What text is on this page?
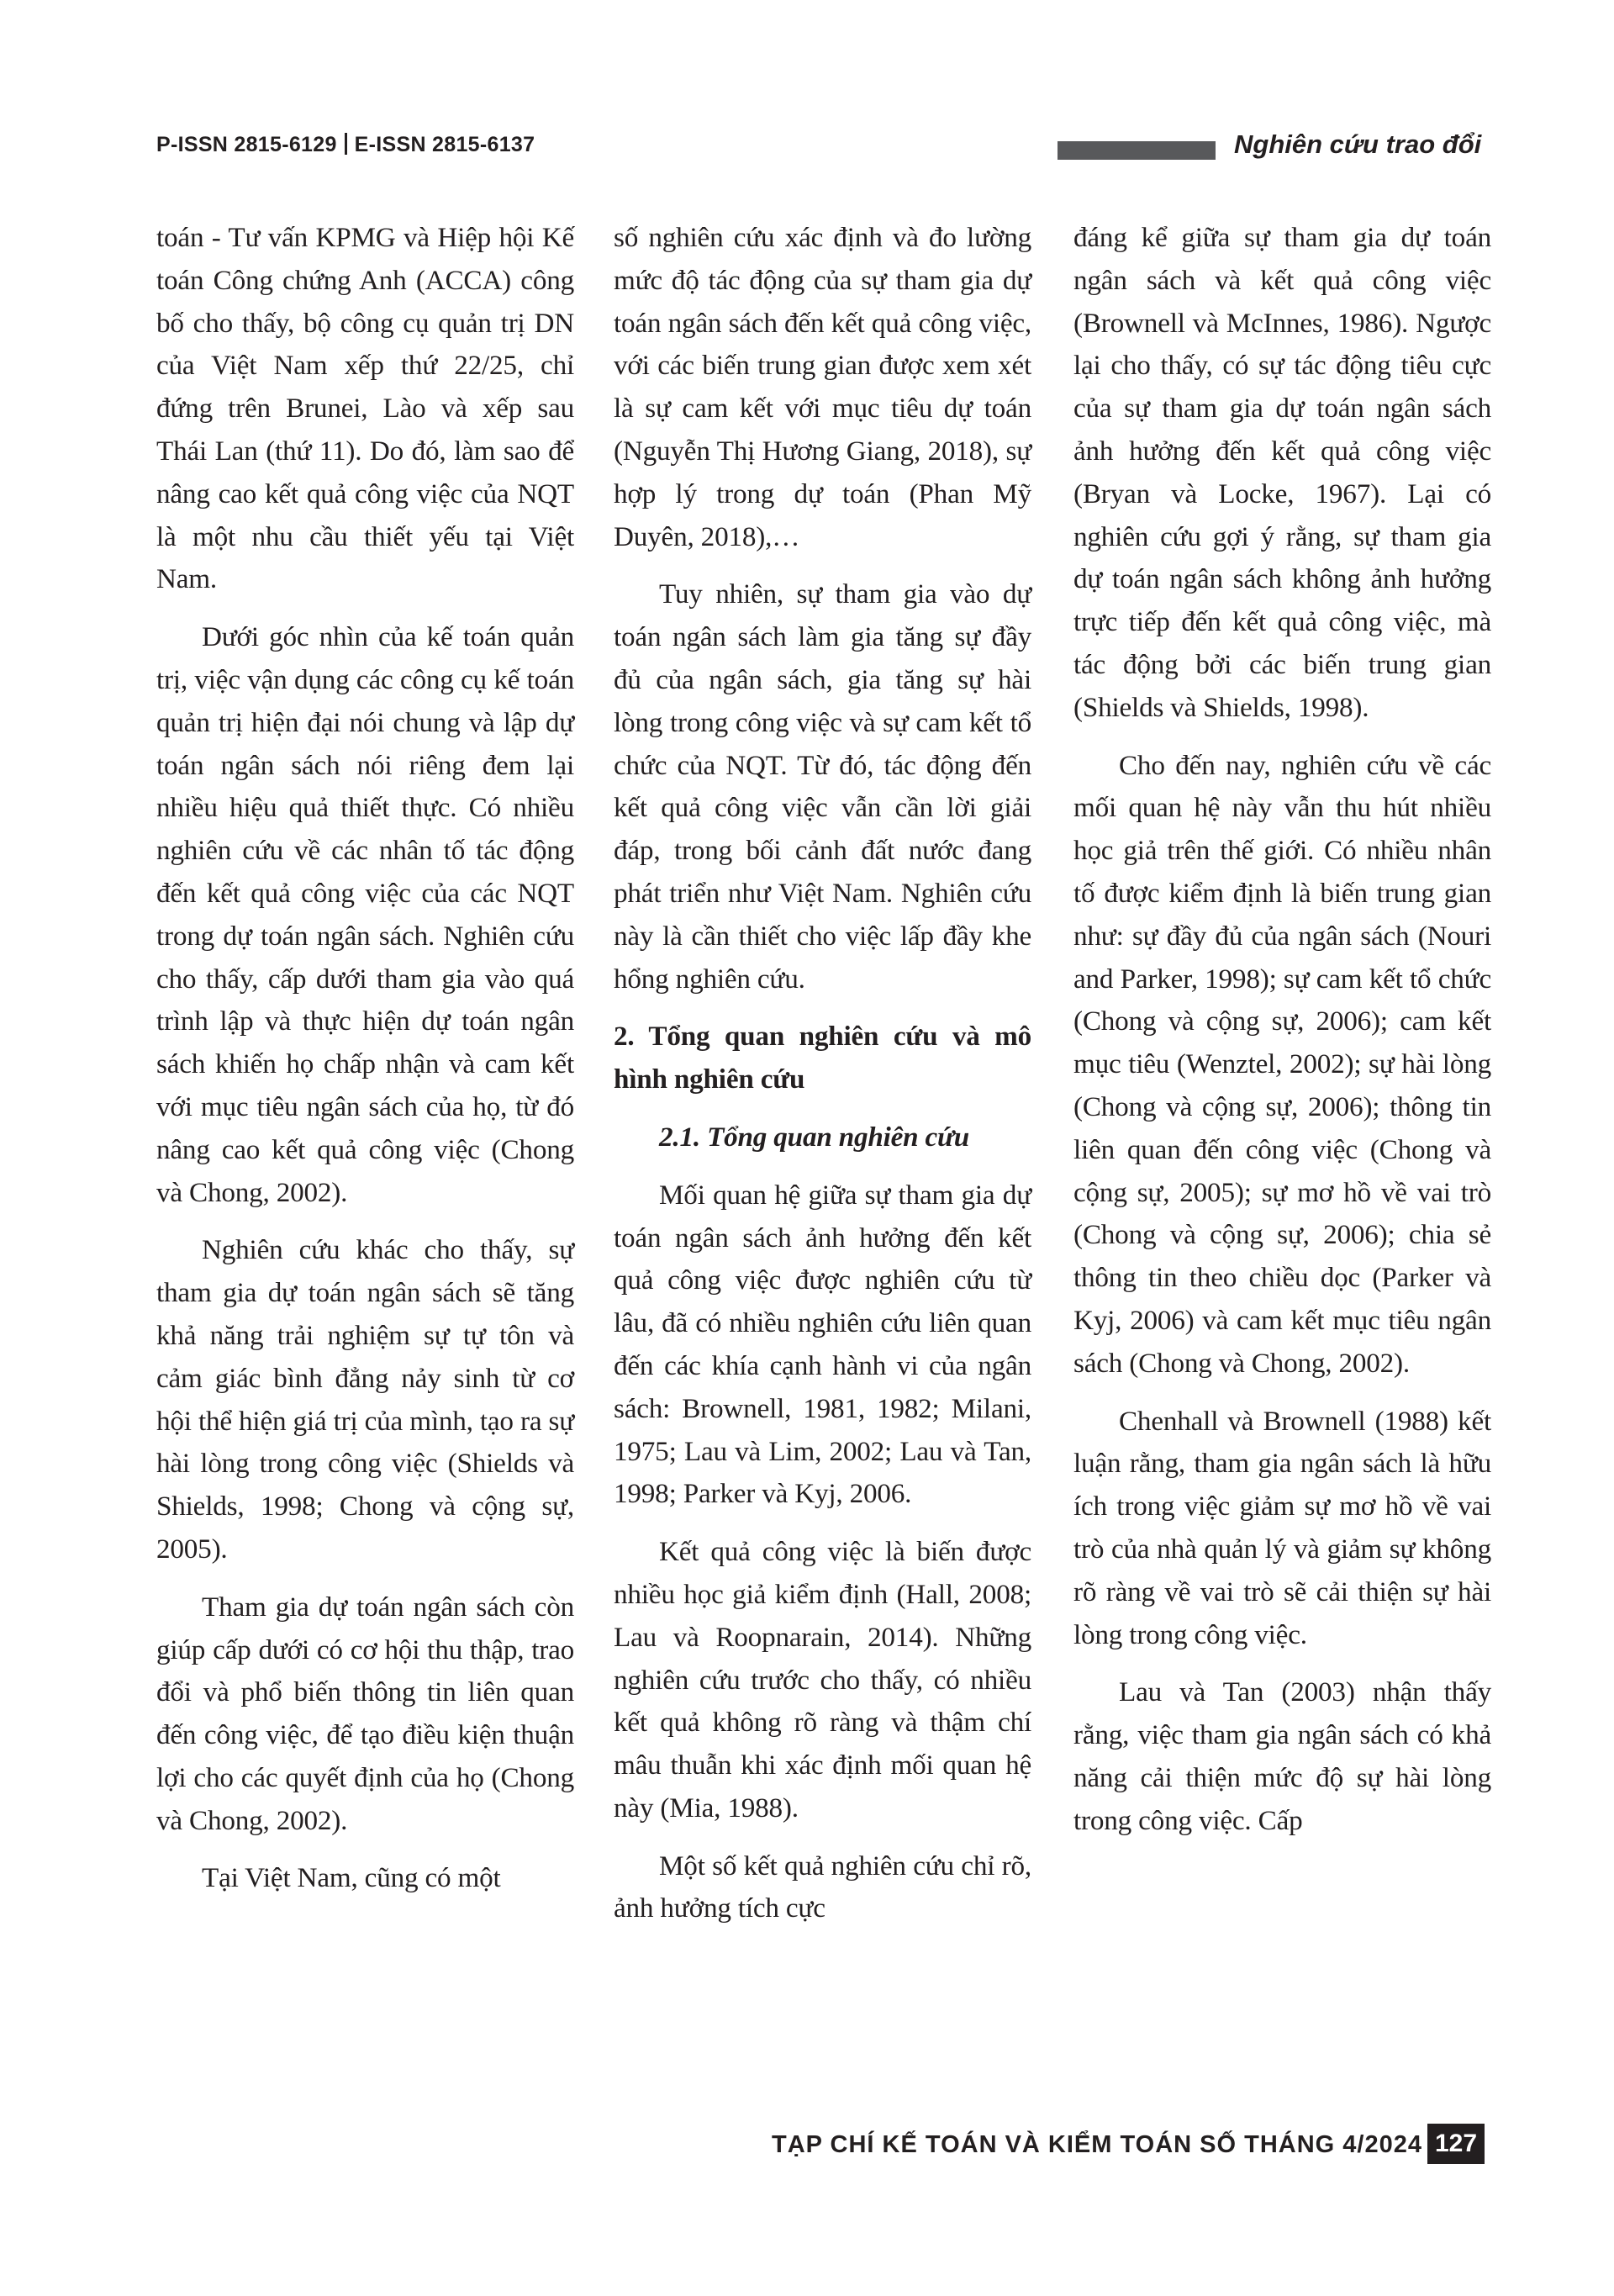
P-ISSN 2815-6129 E-ISSN 2815-6137	Nghiên cứu trao đổi

toán - Tư vấn KPMG và Hiệp hội Kế toán Công chứng Anh (ACCA) công bố cho thấy, bộ công cụ quản trị DN của Việt Nam xếp thứ 22/25, chỉ đứng trên Brunei, Lào và xếp sau Thái Lan (thứ 11). Do đó, làm sao để nâng cao kết quả công việc của NQT là một nhu cầu thiết yếu tại Việt Nam.

Dưới góc nhìn của kế toán quản trị, việc vận dụng các công cụ kế toán quản trị hiện đại nói chung và lập dự toán ngân sách nói riêng đem lại nhiều hiệu quả thiết thực. Có nhiều nghiên cứu về các nhân tố tác động đến kết quả công việc của các NQT trong dự toán ngân sách. Nghiên cứu cho thấy, cấp dưới tham gia vào quá trình lập và thực hiện dự toán ngân sách khiến họ chấp nhận và cam kết với mục tiêu ngân sách của họ, từ đó nâng cao kết quả công việc (Chong và Chong, 2002).

Nghiên cứu khác cho thấy, sự tham gia dự toán ngân sách sẽ tăng khả năng trải nghiệm sự tự tôn và cảm giác bình đẳng nảy sinh từ cơ hội thể hiện giá trị của mình, tạo ra sự hài lòng trong công việc (Shields và Shields, 1998; Chong và cộng sự, 2005).

Tham gia dự toán ngân sách còn giúp cấp dưới có cơ hội thu thập, trao đổi và phổ biến thông tin liên quan đến công việc, để tạo điều kiện thuận lợi cho các quyết định của họ (Chong và Chong, 2002).

Tại Việt Nam, cũng có một

số nghiên cứu xác định và đo lường mức độ tác động của sự tham gia dự toán ngân sách đến kết quả công việc, với các biến trung gian được xem xét là sự cam kết với mục tiêu dự toán (Nguyễn Thị Hương Giang, 2018), sự hợp lý trong dự toán (Phan Mỹ Duyên, 2018),…

Tuy nhiên, sự tham gia vào dự toán ngân sách làm gia tăng sự đầy đủ của ngân sách, gia tăng sự hài lòng trong công việc và sự cam kết tổ chức của NQT. Từ đó, tác động đến kết quả công việc vẫn cần lời giải đáp, trong bối cảnh đất nước đang phát triển như Việt Nam. Nghiên cứu này là cần thiết cho việc lấp đầy khe hổng nghiên cứu.

2. Tổng quan nghiên cứu và mô hình nghiên cứu

2.1. Tổng quan nghiên cứu

Mối quan hệ giữa sự tham gia dự toán ngân sách ảnh hưởng đến kết quả công việc được nghiên cứu từ lâu, đã có nhiều nghiên cứu liên quan đến các khía cạnh hành vi của ngân sách: Brownell, 1981, 1982; Milani, 1975; Lau và Lim, 2002; Lau và Tan, 1998; Parker và Kyj, 2006.

Kết quả công việc là biến được nhiều học giả kiểm định (Hall, 2008; Lau và Roopnarain, 2014). Những nghiên cứu trước cho thấy, có nhiều kết quả không rõ ràng và thậm chí mâu thuẫn khi xác định mối quan hệ này (Mia, 1988).

Một số kết quả nghiên cứu chỉ rõ, ảnh hưởng tích cực

đáng kể giữa sự tham gia dự toán ngân sách và kết quả công việc (Brownell và McInnes, 1986). Ngược lại cho thấy, có sự tác động tiêu cực của sự tham gia dự toán ngân sách ảnh hưởng đến kết quả công việc (Bryan và Locke, 1967). Lại có nghiên cứu gợi ý rằng, sự tham gia dự toán ngân sách không ảnh hưởng trực tiếp đến kết quả công việc, mà tác động bởi các biến trung gian (Shields và Shields, 1998).

Cho đến nay, nghiên cứu về các mối quan hệ này vẫn thu hút nhiều học giả trên thế giới. Có nhiều nhân tố được kiểm định là biến trung gian như: sự đầy đủ của ngân sách (Nouri and Parker, 1998); sự cam kết tổ chức (Chong và cộng sự, 2006); cam kết mục tiêu (Wenztel, 2002); sự hài lòng (Chong và cộng sự, 2006); thông tin liên quan đến công việc (Chong và cộng sự, 2005); sự mơ hồ về vai trò (Chong và cộng sự, 2006); chia sẻ thông tin theo chiều dọc (Parker và Kyj, 2006) và cam kết mục tiêu ngân sách (Chong và Chong, 2002).

Chenhall và Brownell (1988) kết luận rằng, tham gia ngân sách là hữu ích trong việc giảm sự mơ hồ về vai trò của nhà quản lý và giảm sự không rõ ràng về vai trò sẽ cải thiện sự hài lòng trong công việc.

Lau và Tan (2003) nhận thấy rằng, việc tham gia ngân sách có khả năng cải thiện mức độ sự hài lòng trong công việc. Cấp

TẠP CHÍ KẾ TOÁN VÀ KIỂM TOÁN SỐ THÁNG 4/2024 127
